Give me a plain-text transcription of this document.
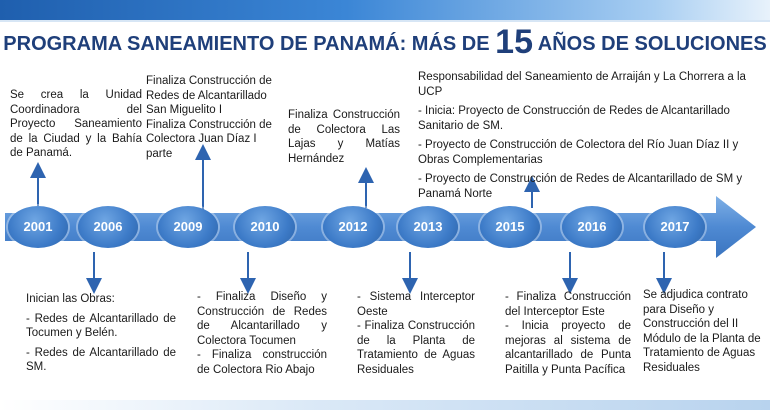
PROGRAMA SANEAMIENTO DE PANAMÁ: MÁS DE 15 AÑOS DE SOLUCIONES
2001	2006	2009	2010	2012	2013	2015	2016	2017
Se crea la Unidad Coordinadora del Proyecto Saneamiento de la Ciudad y la Bahía de Panamá.
Inician las Obras:
- Redes de Alcantarillado de Tocumen y Belén.
- Redes de Alcantarillado de SM.
Finaliza Construcción de Redes de Alcantarillado San Miguelito I
Finaliza Construcción de Colectora Juan Díaz I parte
- Finaliza Diseño y Construcción de Redes de Alcantarillado y Colectora Tocumen
- Finaliza construcción de Colectora Rio Abajo
Finaliza Construcción de Colectora Las Lajas y Matías Hernández
- Sistema Interceptor Oeste
- Finaliza Construcción de la Planta de Tratamiento de Aguas Residuales
Responsabilidad del Saneamiento de Arraiján y La Chorrera a la UCP
- Inicia: Proyecto de Construcción de Redes de Alcantarillado Sanitario de SM.
- Proyecto de Construcción de Colectora del Río Juan Díaz II y Obras Complementarias
- Proyecto de Construcción de Redes de Alcantarillado de SM y Panamá Norte
- Finaliza Construcción del Interceptor Este
- Inicia proyecto de mejoras al sistema de alcantarillado de Punta Paitilla y Punta Pacífica
Se adjudica contrato para Diseño y Construcción del II Módulo de la Planta de Tratamiento de Aguas Residuales
